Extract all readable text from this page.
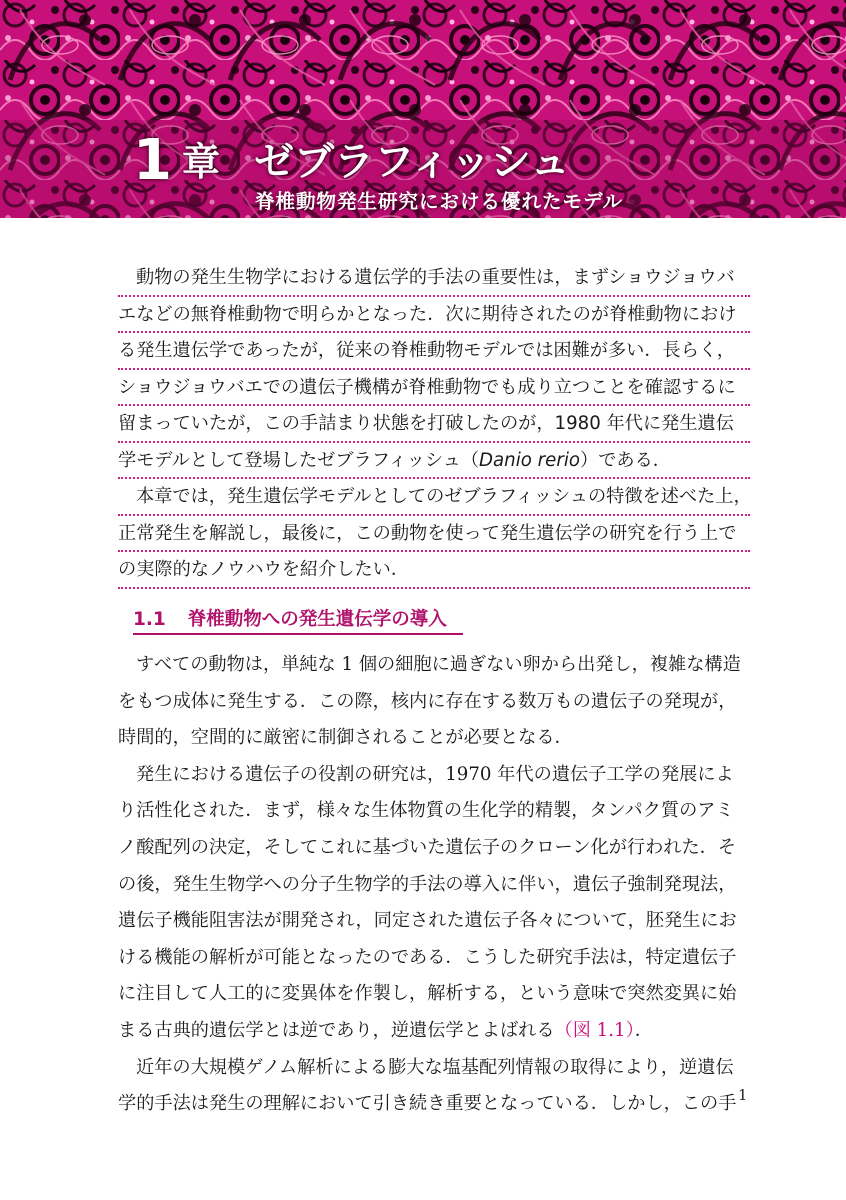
1 章 ゼブラフィッシュ
脊椎動物発生研究における優れたモデル
動物の発生生物学における遺伝学的手法の重要性は，まずショウジョウバ
エなどの無脊椎動物で明らかとなった．次に期待されたのが脊椎動物におけ
る発生遺伝学であったが，従来の脊椎動物モデルでは困難が多い．長らく，
ショウジョウバエでの遺伝子機構が脊椎動物でも成り立つことを確認するに
留まっていたが，この手詰まり状態を打破したのが，1980 年代に発生遺伝
学モデルとして登場したゼブラフィッシュ（Danio rerio）である．
本章では，発生遺伝学モデルとしてのゼブラフィッシュの特徴を述べた上，
正常発生を解説し，最後に，この動物を使って発生遺伝学の研究を行う上で
の実際的なノウハウを紹介したい．
1.1 脊椎動物への発生遺伝学の導入
すべての動物は，単純な 1 個の細胞に過ぎない卵から出発し，複雑な構造
をもつ成体に発生する．この際，核内に存在する数万もの遺伝子の発現が，
時間的，空間的に厳密に制御されることが必要となる．
発生における遺伝子の役割の研究は，1970 年代の遺伝子工学の発展によ
り活性化された．まず，様々な生体物質の生化学的精製，タンパク質のアミ
ノ酸配列の決定，そしてこれに基づいた遺伝子のクローン化が行われた．そ
の後，発生生物学への分子生物学的手法の導入に伴い，遺伝子強制発現法，
遺伝子機能阻害法が開発され，同定された遺伝子各々について，胚発生にお
ける機能の解析が可能となったのである．こうした研究手法は，特定遺伝子
に注目して人工的に変異体を作製し，解析する，という意味で突然変異に始
まる古典的遺伝学とは逆であり，逆遺伝学とよばれる（図 1.1）．
近年の大規模ゲノム解析による膨大な塩基配列情報の取得により，逆遺伝
学的手法は発生の理解において引き続き重要となっている．しかし，この手 1
